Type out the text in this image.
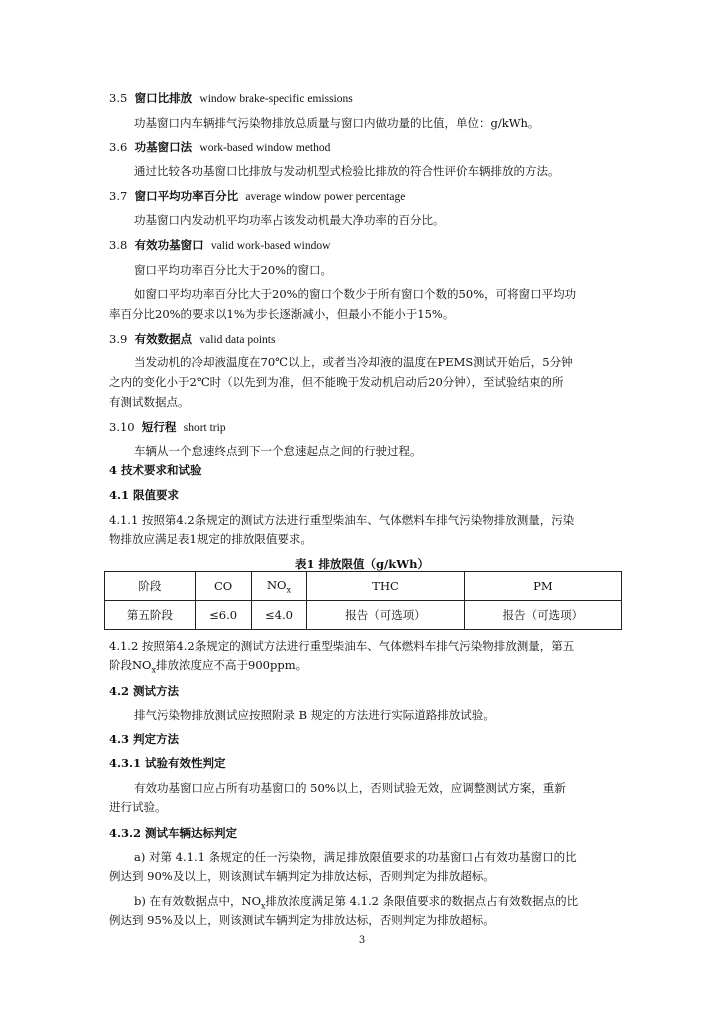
3.5 窗口比排放 window brake-specific emissions
功基窗口内车辆排气污染物排放总质量与窗口内做功量的比值，单位：g/kWh。
3.6 功基窗口法 work-based window method
通过比较各功基窗口比排放与发动机型式检验比排放的符合性评价车辆排放的方法。
3.7 窗口平均功率百分比 average window power percentage
功基窗口内发动机平均功率占该发动机最大净功率的百分比。
3.8 有效功基窗口 valid work-based window
窗口平均功率百分比大于20%的窗口。
如窗口平均功率百分比大于20%的窗口个数少于所有窗口个数的50%，可将窗口平均功
率百分比20%的要求以1%为步长逐渐减小，但最小不能小于15%。
3.9 有效数据点 valid data points
当发动机的冷却液温度在70℃以上，或者当冷却液的温度在PEMS测试开始后，5分钟
之内的变化小于2℃时（以先到为准，但不能晚于发动机启动后20分钟），至试验结束的所
有测试数据点。
3.10 短行程 short trip
车辆从一个怠速终点到下一个怠速起点之间的行驶过程。
4 技术要求和试验
4.1 限值要求
4.1.1 按照第4.2条规定的测试方法进行重型柴油车、气体燃料车排气污染物排放测量，污染
物排放应满足表1规定的排放限值要求。
表1 排放限值（g/kWh）
阶段	CO	$NO_x$	THC	PM
第五阶段	≤6.0	≤4.0	报告（可选项）	报告（可选项）
4.1.2 按照第4.2条规定的测试方法进行重型柴油车、气体燃料车排气污染物排放测量，第五
阶段$NO_x$排放浓度应不高于900ppm。
4.2 测试方法
排气污染物排放测试应按照附录 B 规定的方法进行实际道路排放试验。
4.3 判定方法
4.3.1 试验有效性判定
有效功基窗口应占所有功基窗口的 50%以上，否则试验无效，应调整测试方案，重新
进行试验。
4.3.2 测试车辆达标判定
a) 对第 4.1.1 条规定的任一污染物，满足排放限值要求的功基窗口占有效功基窗口的比
例达到 90%及以上，则该测试车辆判定为排放达标，否则判定为排放超标。
b) 在有效数据点中，$NO_x$排放浓度满足第 4.1.2 条限值要求的数据点占有效数据点的比
例达到 95%及以上，则该测试车辆判定为排放达标，否则判定为排放超标。
3
